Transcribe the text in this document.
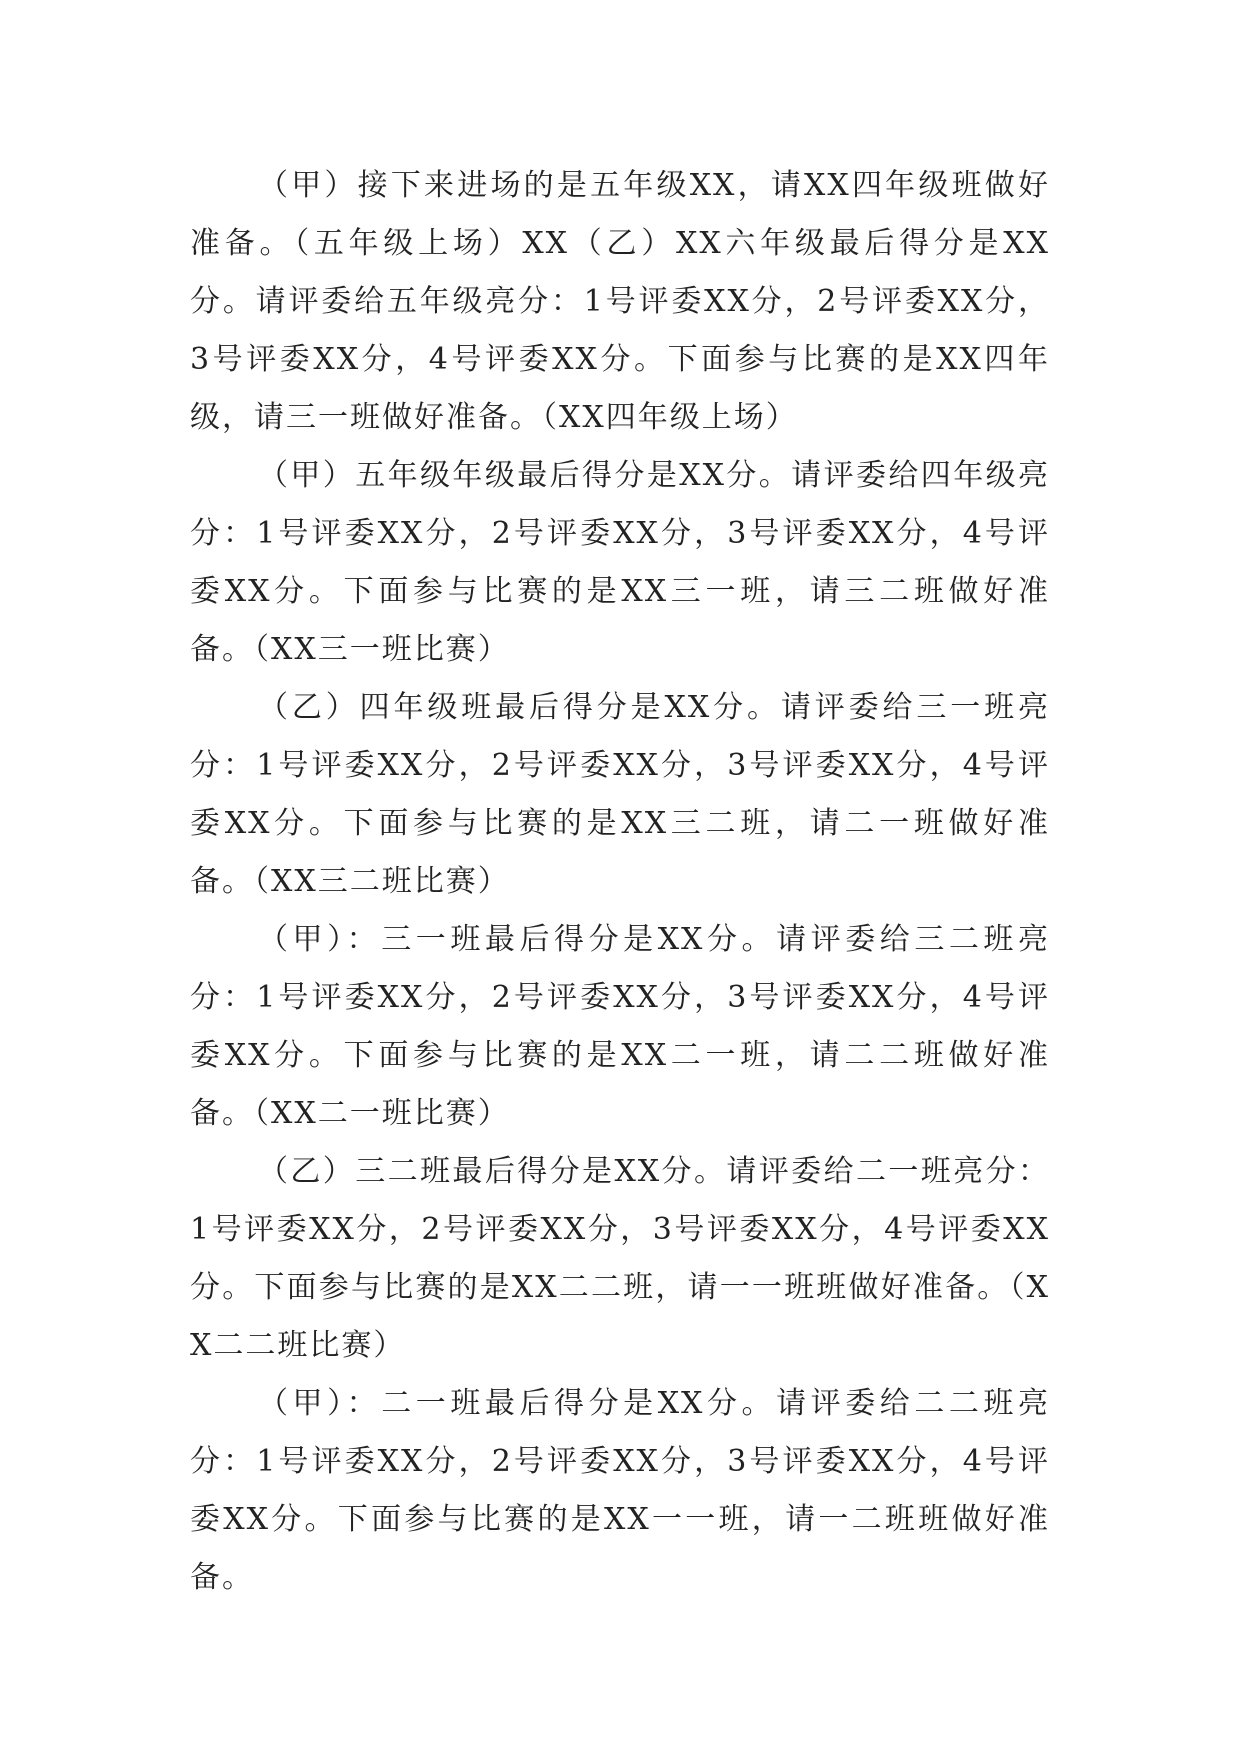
（甲）接下来进场的是五年级XX，请XX四年级班做好准备。（五年级上场）XX（乙）XX六年级最后得分是XX分。请评委给五年级亮分：1号评委XX分，2号评委XX分，3号评委XX分，4号评委XX分。下面参与比赛的是XX四年级，请三一班做好准备。（XX四年级上场）

（甲）五年级年级最后得分是XX分。请评委给四年级亮分：1号评委XX分，2号评委XX分，3号评委XX分，4号评委XX分。下面参与比赛的是XX三一班，请三二班做好准备。（XX三一班比赛）

（乙）四年级班最后得分是XX分。请评委给三一班亮分：1号评委XX分，2号评委XX分，3号评委XX分，4号评委XX分。下面参与比赛的是XX三二班，请二一班做好准备。（XX三二班比赛）

（甲）：三一班最后得分是XX分。请评委给三二班亮分：1号评委XX分，2号评委XX分，3号评委XX分，4号评委XX分。下面参与比赛的是XX二一班，请二二班做好准备。（XX二一班比赛）

（乙）三二班最后得分是XX分。请评委给二一班亮分：1号评委XX分，2号评委XX分，3号评委XX分，4号评委XX分。下面参与比赛的是XX二二班，请一一班班做好准备。（XX二二班比赛）

（甲）：二一班最后得分是XX分。请评委给二二班亮分：1号评委XX分，2号评委XX分，3号评委XX分，4号评委XX分。下面参与比赛的是XX一一班，请一二班班做好准备。
